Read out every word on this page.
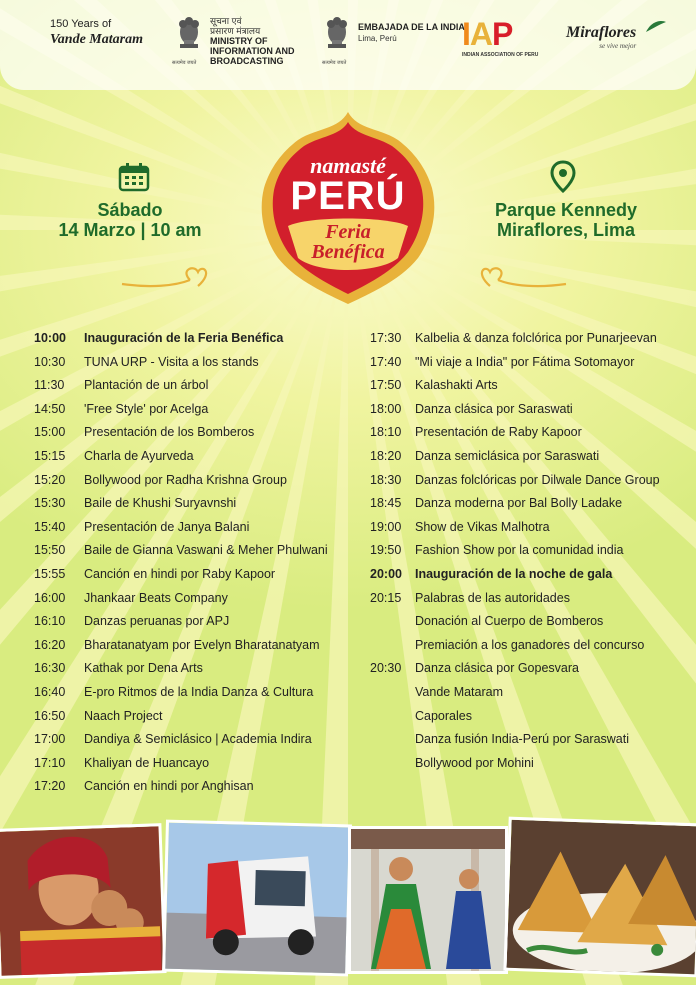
150 Years of
Vande Mataram
सत्यमेव जयते
सूचना एवं
प्रसारण मंत्रालय
MINISTRY OF
INFORMATION AND
BROADCASTING	सत्यमेव जयते
EMBAJADA DE LA INDIA
Lima, Perú	IAP
INDIAN ASSOCIATION OF PERU
Miraflores
se vive mejor
Sábado
14 Marzo | 10 am
Parque Kennedy
Miraflores, Lima
namasté
PERÚ
Feria
Benéfica
10:00 Inauguración de la Feria Benéfica
10:30 TUNA URP - Visita a los stands
11:30 Plantación de un árbol
14:50 'Free Style' por Acelga
15:00 Presentación de los Bomberos
15:15 Charla de Ayurveda
15:20 Bollywood por Radha Krishna Group
15:30 Baile de Khushi Suryavnshi
15:40 Presentación de Janya Balani
15:50 Baile de Gianna Vaswani & Meher Phulwani
15:55 Canción en hindi por Raby Kapoor
16:00 Jhankaar Beats Company
16:10 Danzas peruanas por APJ
16:20 Bharatanatyam por Evelyn Bharatanatyam
16:30 Kathak por Dena Arts
16:40 E-pro Ritmos de la India Danza & Cultura
16:50 Naach Project
17:00 Dandiya & Semiclásico | Academia Indira
17:10 Khaliyan de Huancayo
17:20 Canción en hindi por Anghisan
17:30 Kalbelia & danza folclórica por Punarjeevan
17:40 "Mi viaje a India" por Fátima Sotomayor
17:50 Kalashakti Arts
18:00 Danza clásica por Saraswati
18:10 Presentación de Raby Kapoor
18:20 Danza semiclásica por Saraswati
18:30 Danzas folclóricas por Dilwale Dance Group
18:45 Danza moderna por Bal Bolly Ladake
19:00 Show de Vikas Malhotra
19:50 Fashion Show por la comunidad india
20:00 Inauguración de la noche de gala
20:15 Palabras de las autoridades
Donación al Cuerpo de Bomberos
Premiación a los ganadores del concurso
20:30 Danza clásica por Gopesvara
Vande Mataram
Caporales
Danza fusión India-Perú por Saraswati
Bollywood por Mohini
